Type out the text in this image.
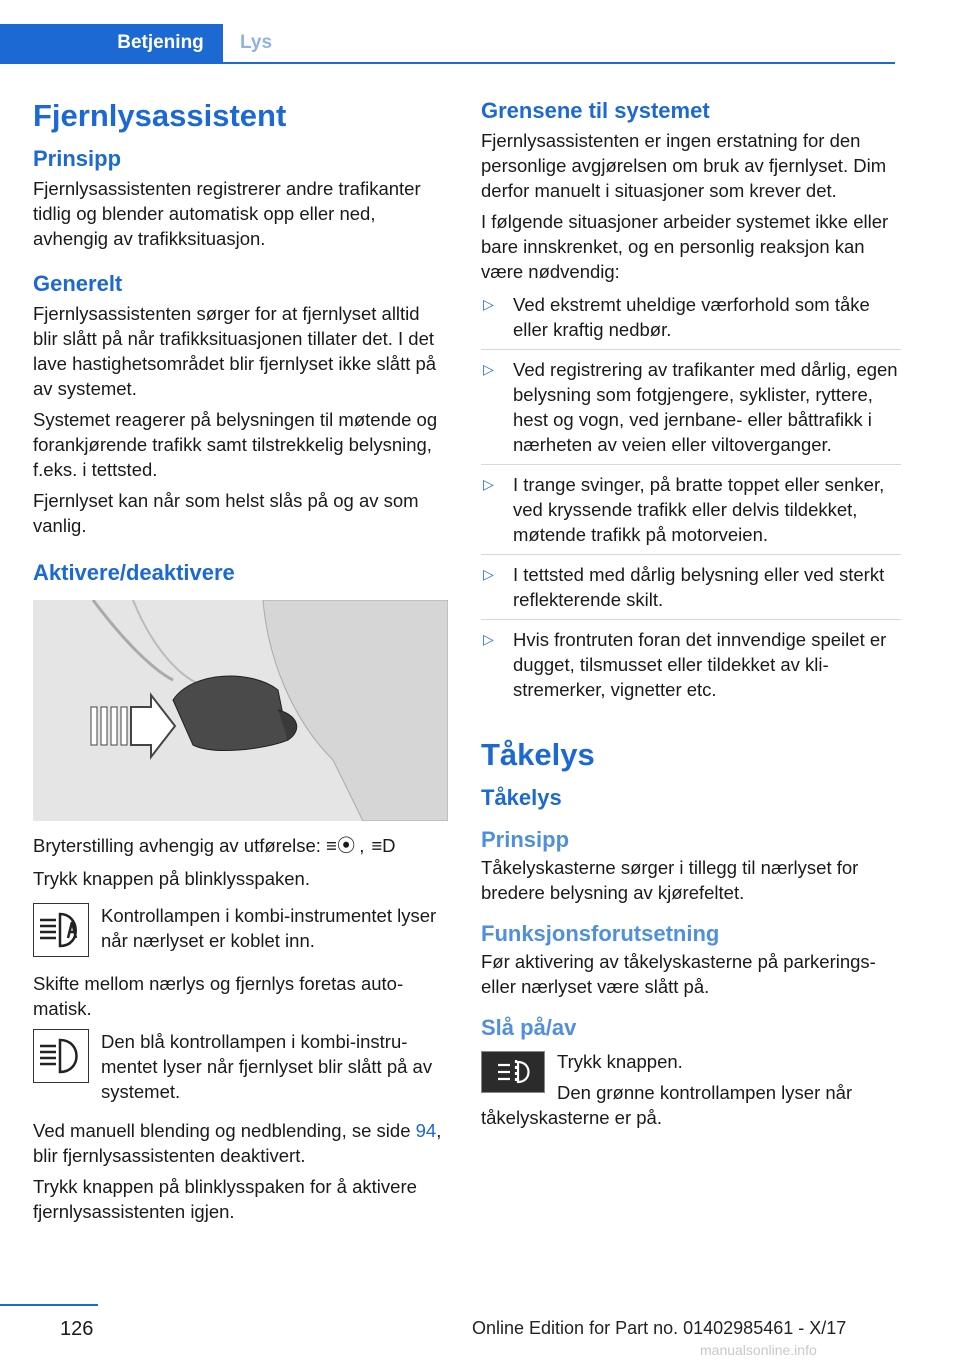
Betjening	Lys
Fjernlysassistent
Prinsipp

Fjernlysassistenten registrerer andre trafikanter tidlig og blender automatisk opp eller ned, avhengig av trafikksituasjon.

Generelt

Fjernlysassistenten sørger for at fjernlyset alltid blir slått på når trafikksituasjonen tillater det. I det lave hastighetsområdet blir fjernlyset ikke slått på av systemet.

Systemet reagerer på belysningen til møtende og forankjørende trafikk samt tilstrekkelig belysning, f.eks. i tettsted.

Fjernlyset kan når som helst slås på og av som vanlig.

Aktivere/deaktivere

Bryterstilling avhengig av utførelse: ≡⦿ , ≡D

Trykk knappen på blinklysspaken.

Kontrollampen i kombi-instrumentet lyser når nærlyset er koblet inn.

Skifte mellom nærlys og fjernlys foretas automatisk.

Den blå kontrollampen i kombi-instrumentet lyser når fjernlyset blir slått på av systemet.

Ved manuell blending og nedblending, se side 94, blir fjernlysassistenten deaktivert.

Trykk knappen på blinklysspaken for å aktivere fjernlysassistenten igjen.

Grensene til systemet

Fjernlysassistenten er ingen erstatning for den personlige avgjørelsen om bruk av fjernlyset. Dim derfor manuelt i situasjoner som krever det.

I følgende situasjoner arbeider systemet ikke eller bare innskrenket, og en personlig reaksjon kan være nødvendig:

▷ Ved ekstremt uheldige værforhold som tåke eller kraftig nedbør.
▷ Ved registrering av trafikanter med dårlig, egen belysning som fotgjengere, syklister, ryttere, hest og vogn, ved jernbane- eller båttrafikk i nærheten av veien eller viltoverganger.
▷ I trange svinger, på bratte toppet eller senker, ved kryssende trafikk eller delvis tildekket, møtende trafikk på motorveien.
▷ I tettsted med dårlig belysning eller ved sterkt reflekterende skilt.
▷ Hvis frontruten foran det innvendige speilet er dugget, tilsmusset eller tildekket av klistremerker, vignetter etc.
Tåkelys
Tåkelys
Prinsipp

Tåkelyskasterne sørger i tillegg til nærlyset for bredere belysning av kjørefeltet.

Funksjonsforutsetning

Før aktivering av tåkelyskasterne på parkerings- eller nærlyset være slått på.

Slå på/av

Trykk knappen.

Den grønne kontrollampen lyser når tåkelyskasterne er på.

126	Online Edition for Part no. 01402985461 - X/17
manualsonline.info
